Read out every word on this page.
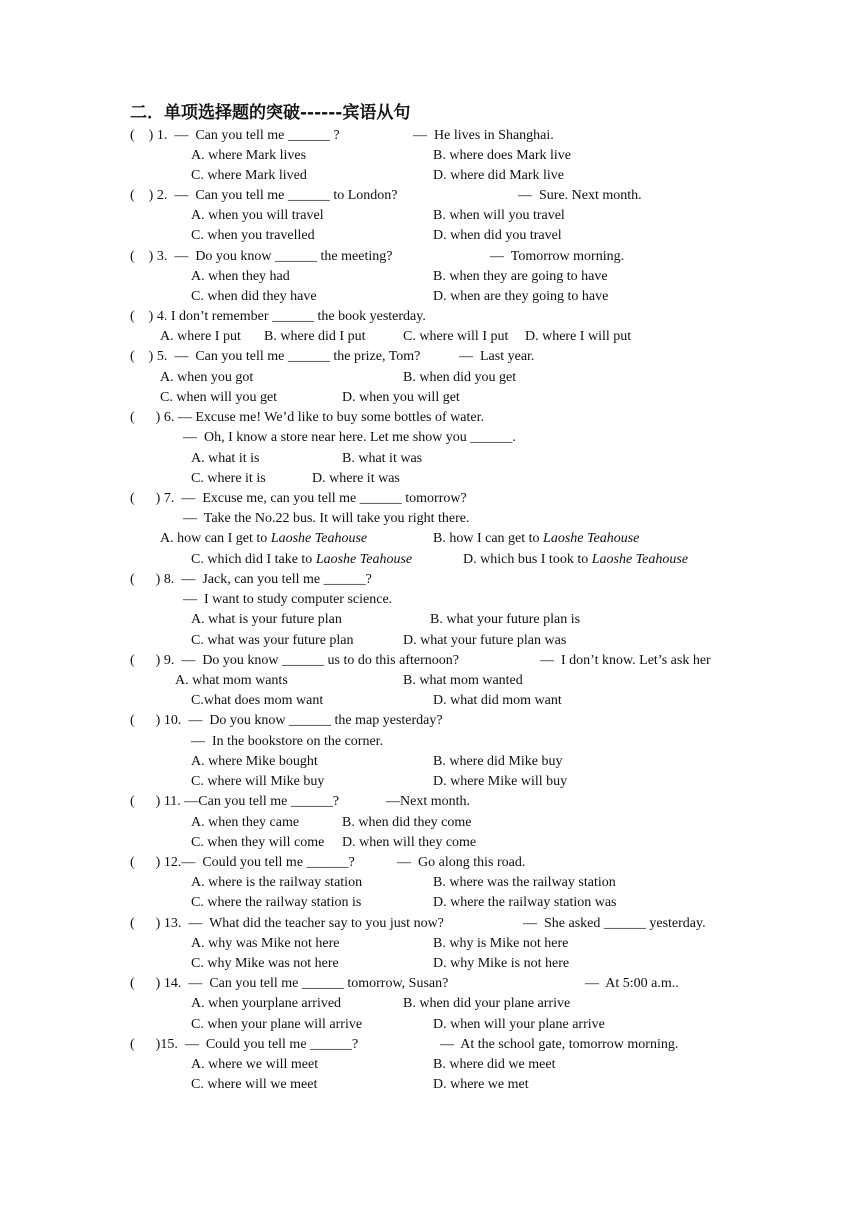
二．单项选择题的突破------宾语从句
(    ) 1.  —  Can you tell me ______ ?	—  He lives in Shanghai.
A. where Mark lives	B. where does Mark live
C. where Mark lived	D. where did Mark live
(    ) 2.  —  Can you tell me ______ to London?	—  Sure. Next month.
A. when you will travel	B. when will you travel
C. when you travelled	D. when did you travel
(    ) 3.  —  Do you know ______ the meeting?	—  Tomorrow morning.
A. when they had	B. when they are going to have
C. when did they have	D. when are they going to have
(    ) 4. I don’t remember ______ the book yesterday.
A. where I put B. where did I put	C. where will I put D. where I will put
(    ) 5.  —  Can you tell me ______ the prize, Tom?	—  Last year.
A. when you got	B. when did you get
C. when will you get	D. when you will get
(      ) 6. — Excuse me! We’d like to buy some bottles of water.
—  Oh, I know a store near here. Let me show you ______.
A. what it is	B. what it was
C. where it is	D. where it was
(      ) 7.  —  Excuse me, can you tell me ______ tomorrow?
—  Take the No.22 bus. It will take you right there.
A. how can I get to Laoshe Teahouse	B. how I can get to Laoshe Teahouse
C. which did I take to Laoshe Teahouse	D. which bus I took to Laoshe Teahouse
(      ) 8.  —  Jack, can you tell me ______?
—  I want to study computer science.
A. what is your future plan	B. what your future plan is
C. what was your future plan	D. what your future plan was
(      ) 9.  —  Do you know ______ us to do this afternoon?	—  I don’t know. Let’s ask her
A. what mom wants	B. what mom wanted
C.what does mom want	D. what did mom want
(      ) 10.  —  Do you know ______ the map yesterday?
—  In the bookstore on the corner.
A. where Mike bought	B. where did Mike buy
C. where will Mike buy	D. where Mike will buy
(      ) 11. —Can you tell me ______?	—Next month.
A. when they came	B. when did they come
C. when they will come D. when will they come
(      ) 12.—  Could you tell me ______?	—  Go along this road.
A. where is the railway station	B. where was the railway station
C. where the railway station is	D. where the railway station was
(      ) 13.  —  What did the teacher say to you just now?	—  She asked ______ yesterday.
A. why was Mike not here	B. why is Mike not here
C. why Mike was not here	D. why Mike is not here
(      ) 14.  —  Can you tell me ______ tomorrow, Susan?	—  At 5:00 a.m..
A. when yourplane arrived	B. when did your plane arrive
C. when your plane will arrive	D. when will your plane arrive
(      )15.  —  Could you tell me ______?	—  At the school gate, tomorrow morning.
A. where we will meet	B. where did we meet
C. where will we meet	D. where we met
